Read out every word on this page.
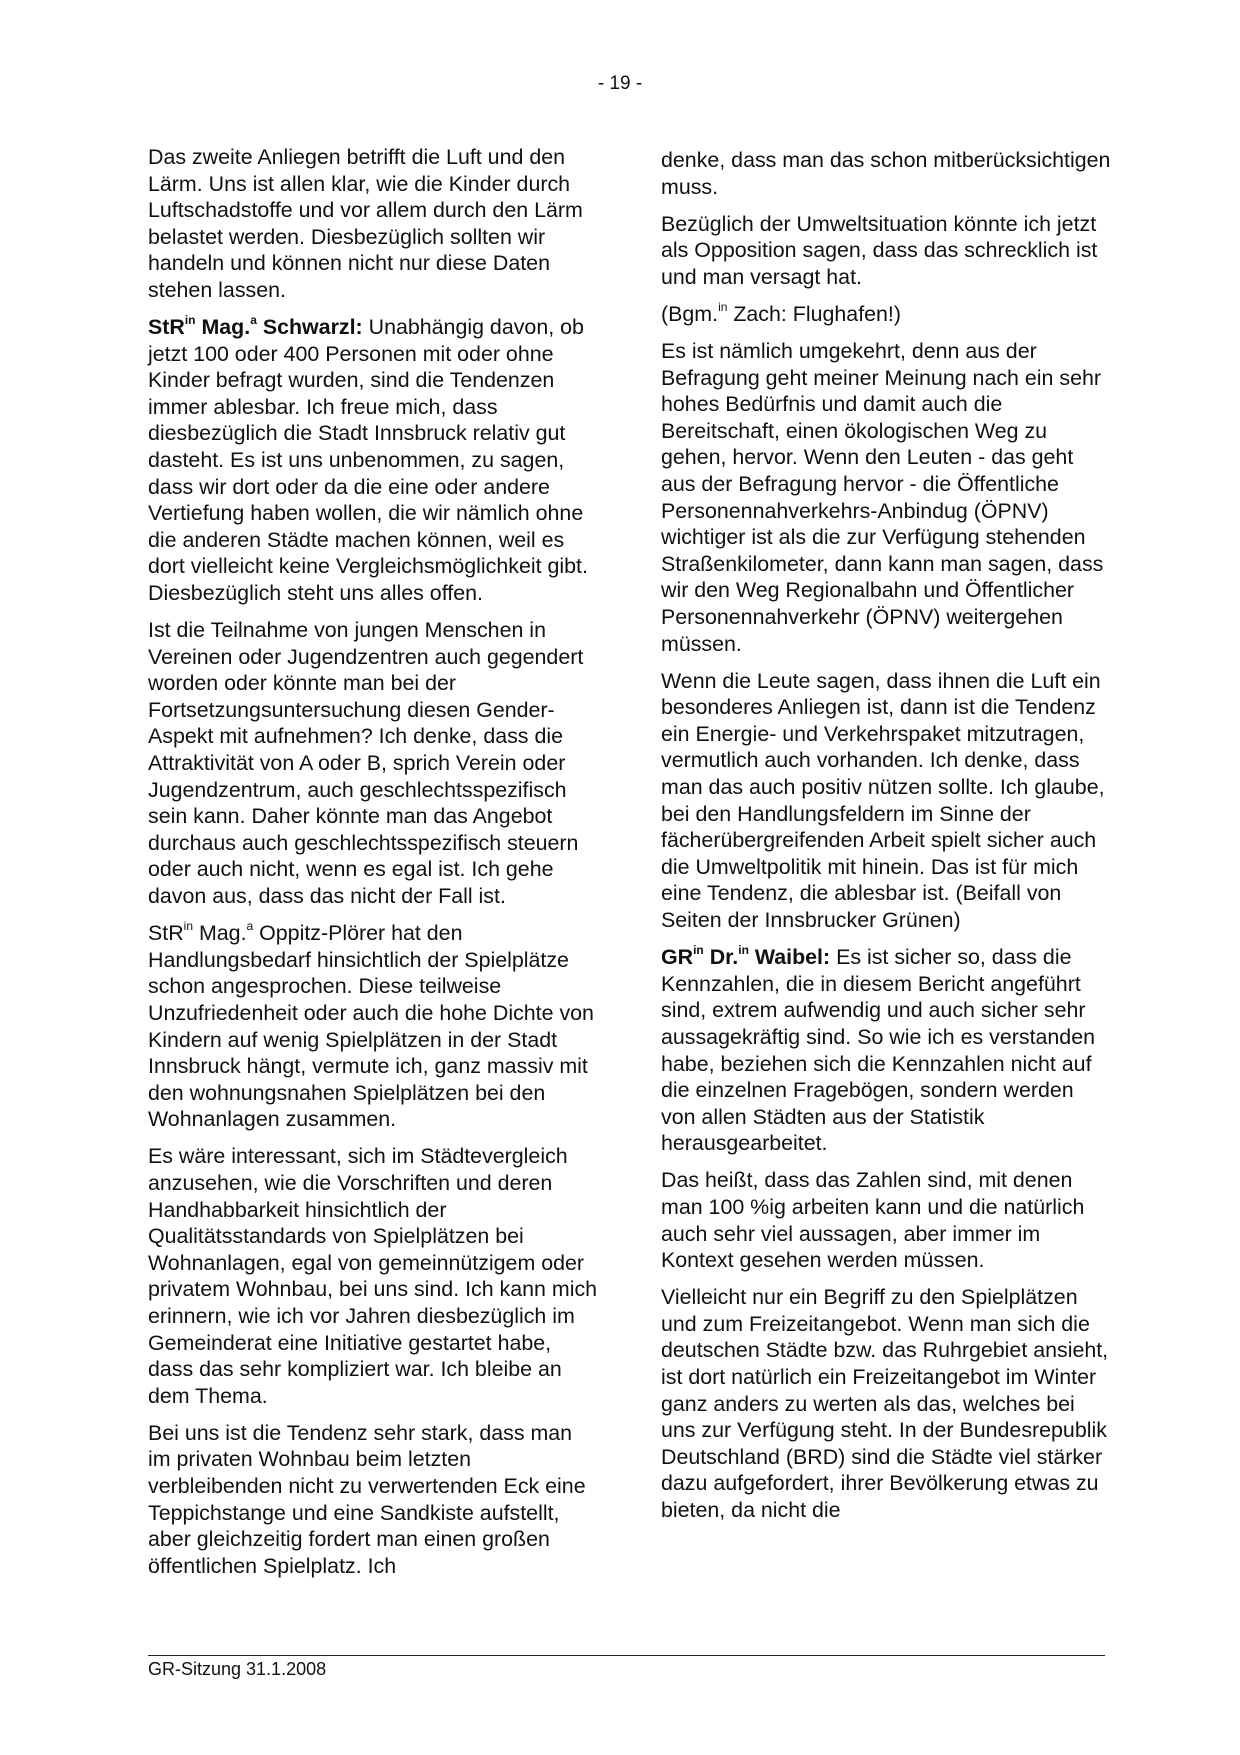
- 19 -

Das zweite Anliegen betrifft die Luft und den Lärm. Uns ist allen klar, wie die Kinder durch Luftschadstoffe und vor allem durch den Lärm belastet werden. Diesbezüglich sollten wir handeln und können nicht nur diese Daten stehen lassen.

StR$^{in}$ Mag.$^a$ Schwarzl: Unabhängig davon, ob jetzt 100 oder 400 Personen mit oder ohne Kinder befragt wurden, sind die Tendenzen immer ablesbar. Ich freue mich, dass diesbezüglich die Stadt Innsbruck relativ gut dasteht. Es ist uns unbenommen, zu sagen, dass wir dort oder da die eine oder andere Vertiefung haben wollen, die wir nämlich ohne die anderen Städte machen können, weil es dort vielleicht keine Vergleichsmöglichkeit gibt. Diesbezüglich steht uns alles offen.

Ist die Teilnahme von jungen Menschen in Vereinen oder Jugendzentren auch gegendert worden oder könnte man bei der Fortsetzungsuntersuchung diesen Gender-Aspekt mit aufnehmen? Ich denke, dass die Attraktivität von A oder B, sprich Verein oder Jugendzentrum, auch geschlechtsspezifisch sein kann. Daher könnte man das Angebot durchaus auch geschlechtsspezifisch steuern oder auch nicht, wenn es egal ist. Ich gehe davon aus, dass das nicht der Fall ist.

StR$^{in}$ Mag.$^a$ Oppitz-Plörer hat den Handlungsbedarf hinsichtlich der Spielplätze schon angesprochen. Diese teilweise Unzufriedenheit oder auch die hohe Dichte von Kindern auf wenig Spielplätzen in der Stadt Innsbruck hängt, vermute ich, ganz massiv mit den wohnungsnahen Spielplätzen bei den Wohnanlagen zusammen.

Es wäre interessant, sich im Städtevergleich anzusehen, wie die Vorschriften und deren Handhabbarkeit hinsichtlich der Qualitätsstandards von Spielplätzen bei Wohnanlagen, egal von gemeinnützigem oder privatem Wohnbau, bei uns sind. Ich kann mich erinnern, wie ich vor Jahren diesbezüglich im Gemeinderat eine Initiative gestartet habe, dass das sehr kompliziert war. Ich bleibe an dem Thema.

Bei uns ist die Tendenz sehr stark, dass man im privaten Wohnbau beim letzten verbleibenden nicht zu verwertenden Eck eine Teppichstange und eine Sandkiste aufstellt, aber gleichzeitig fordert man einen großen öffentlichen Spielplatz. Ich

denke, dass man das schon mitberücksichtigen muss.

Bezüglich der Umweltsituation könnte ich jetzt als Opposition sagen, dass das schrecklich ist und man versagt hat.

(Bgm.$^{in}$ Zach: Flughafen!)

Es ist nämlich umgekehrt, denn aus der Befragung geht meiner Meinung nach ein sehr hohes Bedürfnis und damit auch die Bereitschaft, einen ökologischen Weg zu gehen, hervor. Wenn den Leuten - das geht aus der Befragung hervor - die Öffentliche Personennahverkehrs-Anbindug (ÖPNV) wichtiger ist als die zur Verfügung stehenden Straßenkilometer, dann kann man sagen, dass wir den Weg Regionalbahn und Öffentlicher Personennahverkehr (ÖPNV) weitergehen müssen.

Wenn die Leute sagen, dass ihnen die Luft ein besonderes Anliegen ist, dann ist die Tendenz ein Energie- und Verkehrspaket mitzutragen, vermutlich auch vorhanden. Ich denke, dass man das auch positiv nützen sollte. Ich glaube, bei den Handlungsfeldern im Sinne der fächerübergreifenden Arbeit spielt sicher auch die Umweltpolitik mit hinein. Das ist für mich eine Tendenz, die ablesbar ist. (Beifall von Seiten der Innsbrucker Grünen)

$GR^{in}$ Dr.$^{in}$ Waibel: Es ist sicher so, dass die Kennzahlen, die in diesem Bericht angeführt sind, extrem aufwendig und auch sicher sehr aussagekräftig sind. So wie ich es verstanden habe, beziehen sich die Kennzahlen nicht auf die einzelnen Fragebögen, sondern werden von allen Städten aus der Statistik herausgearbeitet.

Das heißt, dass das Zahlen sind, mit denen man 100 %ig arbeiten kann und die natürlich auch sehr viel aussagen, aber immer im Kontext gesehen werden müssen.

Vielleicht nur ein Begriff zu den Spielplätzen und zum Freizeitangebot. Wenn man sich die deutschen Städte bzw. das Ruhrgebiet ansieht, ist dort natürlich ein Freizeitangebot im Winter ganz anders zu werten als das, welches bei uns zur Verfügung steht. In der Bundesrepublik Deutschland (BRD) sind die Städte viel stärker dazu aufgefordert, ihrer Bevölkerung etwas zu bieten, da nicht die

GR-Sitzung 31.1.2008
